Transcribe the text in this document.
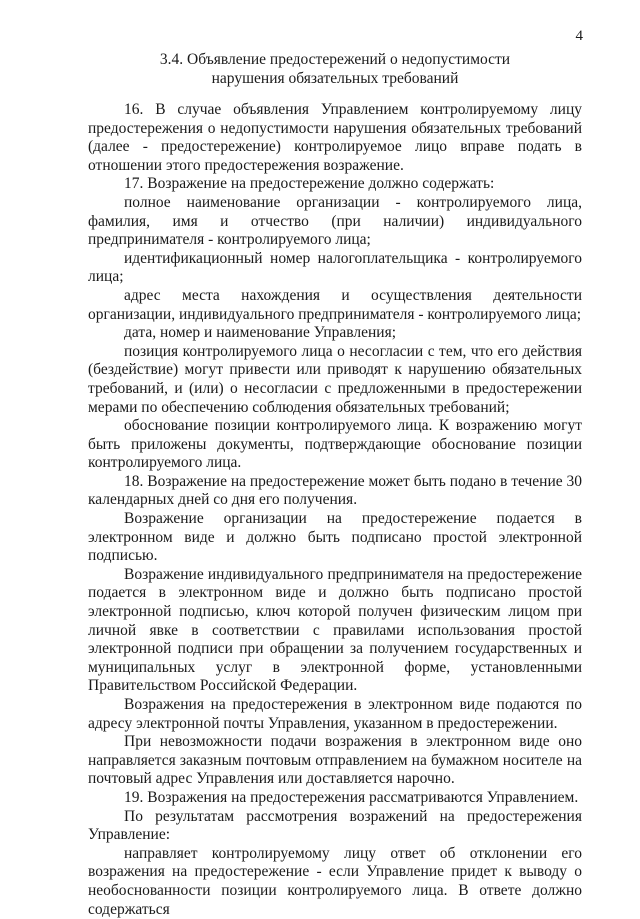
4
3.4. Объявление предостережений о недопустимости
нарушения обязательных требований

16. В случае объявления Управлением контролируемому лицу предостережения о недопустимости нарушения обязательных требований (далее - предостережение) контролируемое лицо вправе подать в отношении этого предостережения возражение.

17. Возражение на предостережение должно содержать:

полное наименование организации - контролируемого лица, фамилия, имя и отчество (при наличии) индивидуального предпринимателя - контролируемого лица;

идентификационный номер налогоплательщика - контролируемого лица;

адрес места нахождения и осуществления деятельности организации, индивидуального предпринимателя - контролируемого лица;

дата, номер и наименование Управления;

позиция контролируемого лица о несогласии с тем, что его действия (бездействие) могут привести или приводят к нарушению обязательных требований, и (или) о несогласии с предложенными в предостережении мерами по обеспечению соблюдения обязательных требований;

обоснование позиции контролируемого лица. К возражению могут быть приложены документы, подтверждающие обоснование позиции контролируемого лица.

18. Возражение на предостережение может быть подано в течение 30 календарных дней со дня его получения.

Возражение организации на предостережение подается в электронном виде и должно быть подписано простой электронной подписью.

Возражение индивидуального предпринимателя на предостережение подается в электронном виде и должно быть подписано простой электронной подписью, ключ которой получен физическим лицом при личной явке в соответствии с правилами использования простой электронной подписи при обращении за получением государственных и муниципальных услуг в электронной форме, установленными Правительством Российской Федерации.

Возражения на предостережения в электронном виде подаются по адресу электронной почты Управления, указанном в предостережении.

При невозможности подачи возражения в электронном виде оно направляется заказным почтовым отправлением на бумажном носителе на почтовый адрес Управления или доставляется нарочно.

19. Возражения на предостережения рассматриваются Управлением.

По результатам рассмотрения возражений на предостережения Управление:

направляет контролируемому лицу ответ об отклонении его возражения на предостережение - если Управление придет к выводу о необоснованности позиции контролируемого лица. В ответе должно содержаться
